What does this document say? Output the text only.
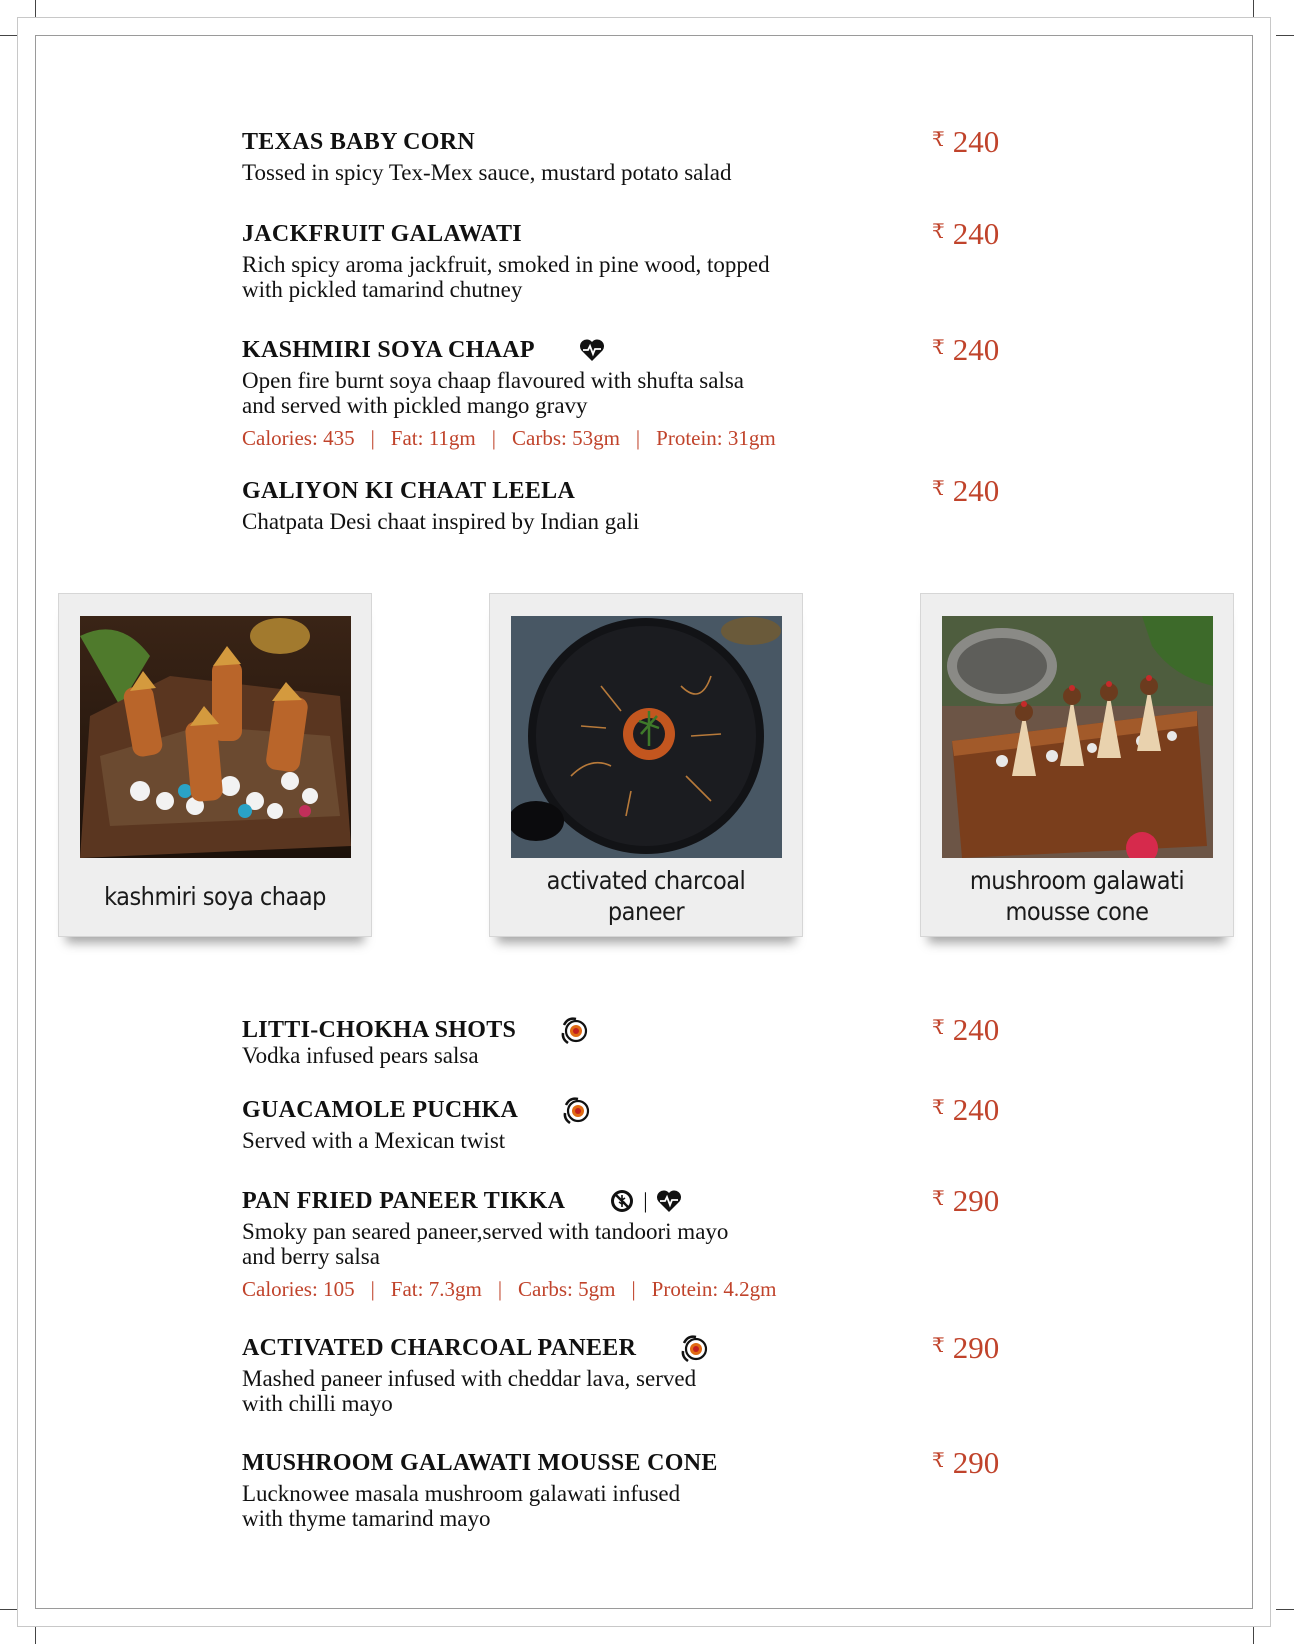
TEXAS BABY CORN
Tossed in spicy Tex-Mex sauce, mustard potato salad
₹ 240
JACKFRUIT GALAWATI
Rich spicy aroma jackfruit, smoked in pine wood, topped
with pickled tamarind chutney
₹ 240
KASHMIRI SOYA CHAAP
Open fire burnt soya chaap flavoured with shufta salsa
and served with pickled mango gravy
Calories: 435 | Fat: 11gm | Carbs: 53gm | Protein: 31gm
₹ 240
GALIYON KI CHAAT LEELA
Chatpata Desi chaat inspired by Indian gali
₹ 240
kashmiri soya chaap
activated charcoal paneer
mushroom galawati
mousse cone
LITTI-CHOKHA SHOTS
Vodka infused pears salsa
₹ 240
GUACAMOLE PUCHKA
Served with a Mexican twist
₹ 240
PAN FRIED PANEER TIKKA	|
Smoky pan seared paneer,served with tandoori mayo
and berry salsa
Calories: 105 | Fat: 7.3gm | Carbs: 5gm | Protein: 4.2gm
₹ 290
ACTIVATED CHARCOAL PANEER
Mashed paneer infused with cheddar lava, served
with chilli mayo
₹ 290
MUSHROOM GALAWATI MOUSSE CONE
Lucknowee masala mushroom galawati infused
with thyme tamarind mayo
₹ 290
